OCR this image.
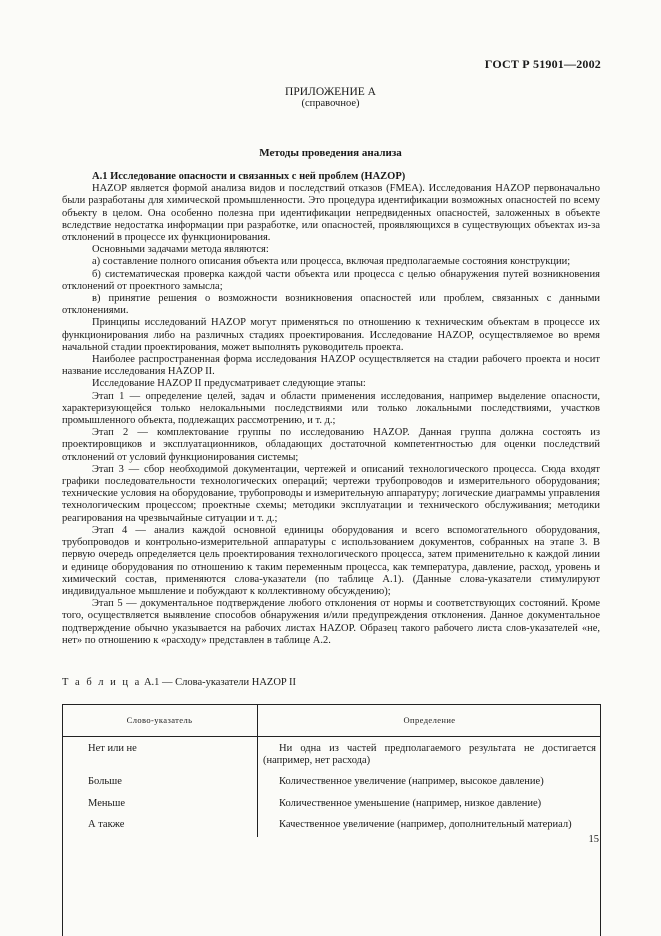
ГОСТ Р 51901—2002
ПРИЛОЖЕНИЕ А
(справочное)
Методы проведения анализа

А.1 Исследование опасности и связанных с ней проблем (HAZOP)

HAZOP является формой анализа видов и последствий отказов (FMEA). Исследования HAZOP первоначально были разработаны для химической промышленности. Это процедура идентификации возможных опасностей по всему объекту в целом. Она особенно полезна при идентификации непредвиденных опасностей, заложенных в объекте вследствие недостатка информации при разработке, или опасностей, проявляющихся в существующих объектах из-за отклонений в процессе их функционирования.

Основными задачами метода являются:

а) составление полного описания объекта или процесса, включая предполагаемые состояния конструкции;

б) систематическая проверка каждой части объекта или процесса с целью обнаружения путей возникновения отклонений от проектного замысла;

в) принятие решения о возможности возникновения опасностей или проблем, связанных с данными отклонениями.

Принципы исследований HAZOP могут применяться по отношению к техническим объектам в процессе их функционирования либо на различных стадиях проектирования. Исследование HAZOP, осуществляемое во время начальной стадии проектирования, может выполнять руководитель проекта.

Наиболее распространенная форма исследования HAZOP осуществляется на стадии рабочего проекта и носит название исследования HAZOP II.

Исследование HAZOP II предусматривает следующие этапы:

Этап 1 — определение целей, задач и области применения исследования, например выделение опасности, характеризующейся только нелокальными последствиями или только локальными последствиями, участков промышленного объекта, подлежащих рассмотрению, и т. д.;

Этап 2 — комплектование группы по исследованию HAZOP. Данная группа должна состоять из проектировщиков и эксплуатационников, обладающих достаточной компетентностью для оценки последствий отклонений от условий функционирования системы;

Этап 3 — сбор необходимой документации, чертежей и описаний технологического процесса. Сюда входят графики последовательности технологических операций; чертежи трубопроводов и измерительного оборудования; технические условия на оборудование, трубопроводы и измерительную аппаратуру; логические диаграммы управления технологическим процессом; проектные схемы; методики эксплуатации и технического обслуживания; методики реагирования на чрезвычайные ситуации и т. д.;

Этап 4 — анализ каждой основной единицы оборудования и всего вспомогательного оборудования, трубопроводов и контрольно-измерительной аппаратуры с использованием документов, собранных на этапе 3. В первую очередь определяется цель проектирования технологического процесса, затем применительно к каждой линии и единице оборудования по отношению к таким переменным процесса, как температура, давление, расход, уровень и химический состав, применяются слова-указатели (по таблице А.1). (Данные слова-указатели стимулируют индивидуальное мышление и побуждают к коллективному обсуждению);

Этап 5 — документальное подтверждение любого отклонения от нормы и соответствующих состояний. Кроме того, осуществляется выявление способов обнаружения и/или предупреждения отклонения. Данное документальное подтверждение обычно указывается на рабочих листах HAZOP. Образец такого рабочего листа слов-указателей «не, нет» по отношению к «расходу» представлен в таблице А.2.

Т а б л и ц а А.1 — Слова-указатели HAZOP II
Слово-указатель	Определение
Нет или не	Ни одна из частей предполагаемого результата не достигается (например, нет расхода)
Больше	Количественное увеличение (например, высокое давление)
Меньше	Количественное уменьшение (например, низкое давление)
А также	Качественное увеличение (например, дополнительный материал)
15
